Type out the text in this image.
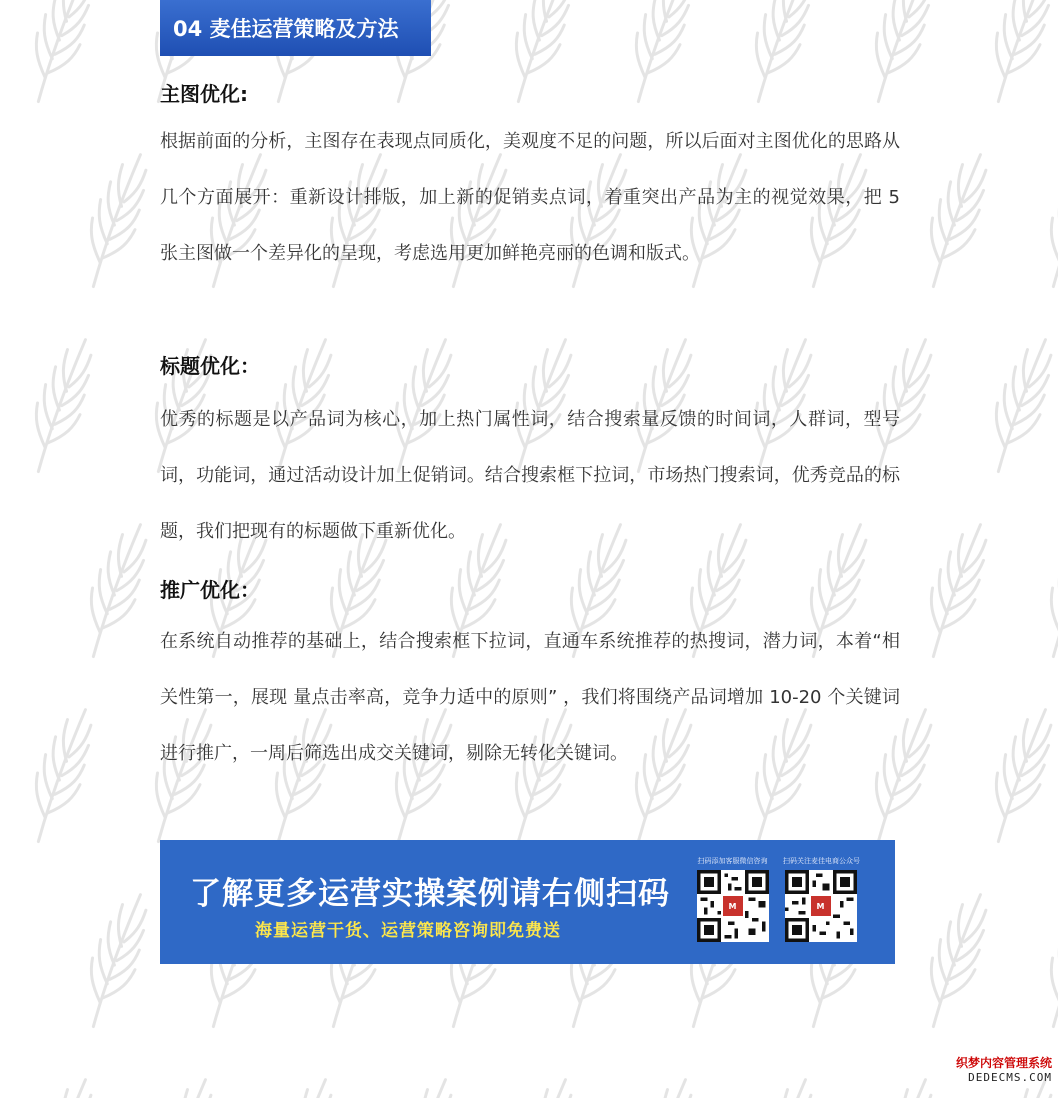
04 麦佳运营策略及方法
主图优化:

根据前面的分析，主图存在表现点同质化，美观度不足的问题，所以后面对主图优化的思路从几个方面展开：重新设计排版，加上新的促销卖点词，着重突出产品为主的视觉效果，把 5 张主图做一个差异化的呈现，考虑选用更加鲜艳亮丽的色调和版式。

标题优化：

优秀的标题是以产品词为核心，加上热门属性词，结合搜索量反馈的时间词，人群词，型号词，功能词，通过活动设计加上促销词。结合搜索框下拉词，市场热门搜索词，优秀竞品的标题，我们把现有的标题做下重新优化。

推广优化：

在系统自动推荐的基础上，结合搜索框下拉词，直通车系统推荐的热搜词，潜力词，本着“相关性第一，展现 量点击率高，竞争力适中的原则” ，我们将围绕产品词增加 10-20 个关键词进行推广，一周后筛选出成交关键词，剔除无转化关键词。

了解更多运营实操案例请右侧扫码
海量运营干货、运营策略咨询即免费送
扫码添加客服微信咨询
M
扫码关注麦佳电商公众号
M
织梦内容管理系统
DEDECMS.COM
